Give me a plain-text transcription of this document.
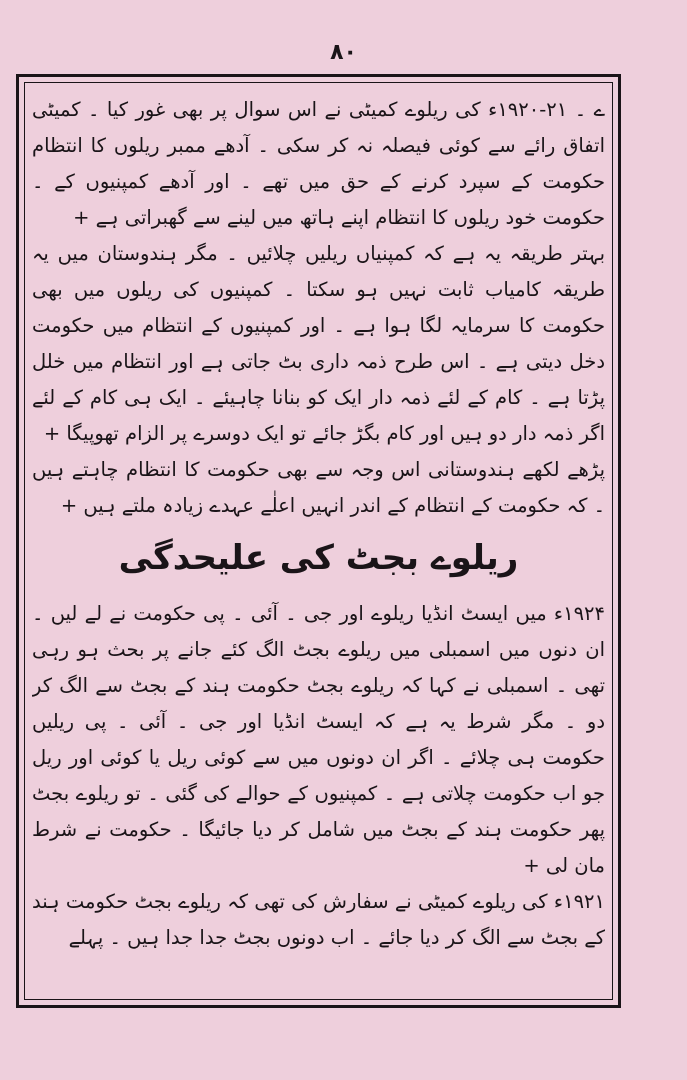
۸۰

ے ۔ ۲۱-۱۹۲۰ء کی ریلوے کمیٹی نے اس سوال پر بھی غور کیا ۔ کمیٹی اتفاق رائے سے کوئی فیصلہ نہ کر سکی ۔ آدھے ممبر ریلوں کا انتظام حکومت کے سپرد کرنے کے حق میں تھے ۔ اور آدھے کمپنیوں کے ۔ حکومت خود ریلوں کا انتظام اپنے ہاتھ میں لینے سے گھبراتی ہے +

بہتر طریقہ یہ ہے کہ کمپنیاں ریلیں چلائیں ۔ مگر ہندوستان میں یہ طریقہ کامیاب ثابت نہیں ہو سکتا ۔ کمپنیوں کی ریلوں میں بھی حکومت کا سرمایہ لگا ہوا ہے ۔ اور کمپنیوں کے انتظام میں حکومت دخل دیتی ہے ۔ اس طرح ذمہ داری بٹ جاتی ہے اور انتظام میں خلل پڑتا ہے ۔ کام کے لئے ذمہ دار ایک کو بنانا چاہیئے ۔ ایک ہی کام کے لئے اگر ذمہ دار دو ہیں اور کام بگڑ جائے تو ایک دوسرے پر الزام تھوپیگا +

پڑھے لکھے ہندوستانی اس وجہ سے بھی حکومت کا انتظام چاہتے ہیں ۔ کہ حکومت کے انتظام کے اندر انہیں اعلٰے عہدے زیادہ ملتے ہیں +

ریلوے بجٹ کی علیحدگی

۱۹۲۴ء میں ایسٹ انڈیا ریلوے اور جی ۔ آئی ۔ پی حکومت نے لے لیں ۔ ان دنوں میں اسمبلی میں ریلوے بجٹ الگ کئے جانے پر بحث ہو رہی تھی ۔ اسمبلی نے کہا کہ ریلوے بجٹ حکومت ہند کے بجٹ سے الگ کر دو ۔ مگر شرط یہ ہے کہ ایسٹ انڈیا اور جی ۔ آئی ۔ پی ریلیں حکومت ہی چلائے ۔ اگر ان دونوں میں سے کوئی ریل یا کوئی اور ریل جو اب حکومت چلاتی ہے ۔ کمپنیوں کے حوالے کی گئی ۔ تو ریلوے بجٹ پھر حکومت ہند کے بجٹ میں شامل کر دیا جائیگا ۔ حکومت نے شرط مان لی +

۱۹۲۱ء کی ریلوے کمیٹی نے سفارش کی تھی کہ ریلوے بجٹ حکومت ہند کے بجٹ سے الگ کر دیا جائے ۔ اب دونوں بجٹ جدا جدا ہیں ۔ پہلے
